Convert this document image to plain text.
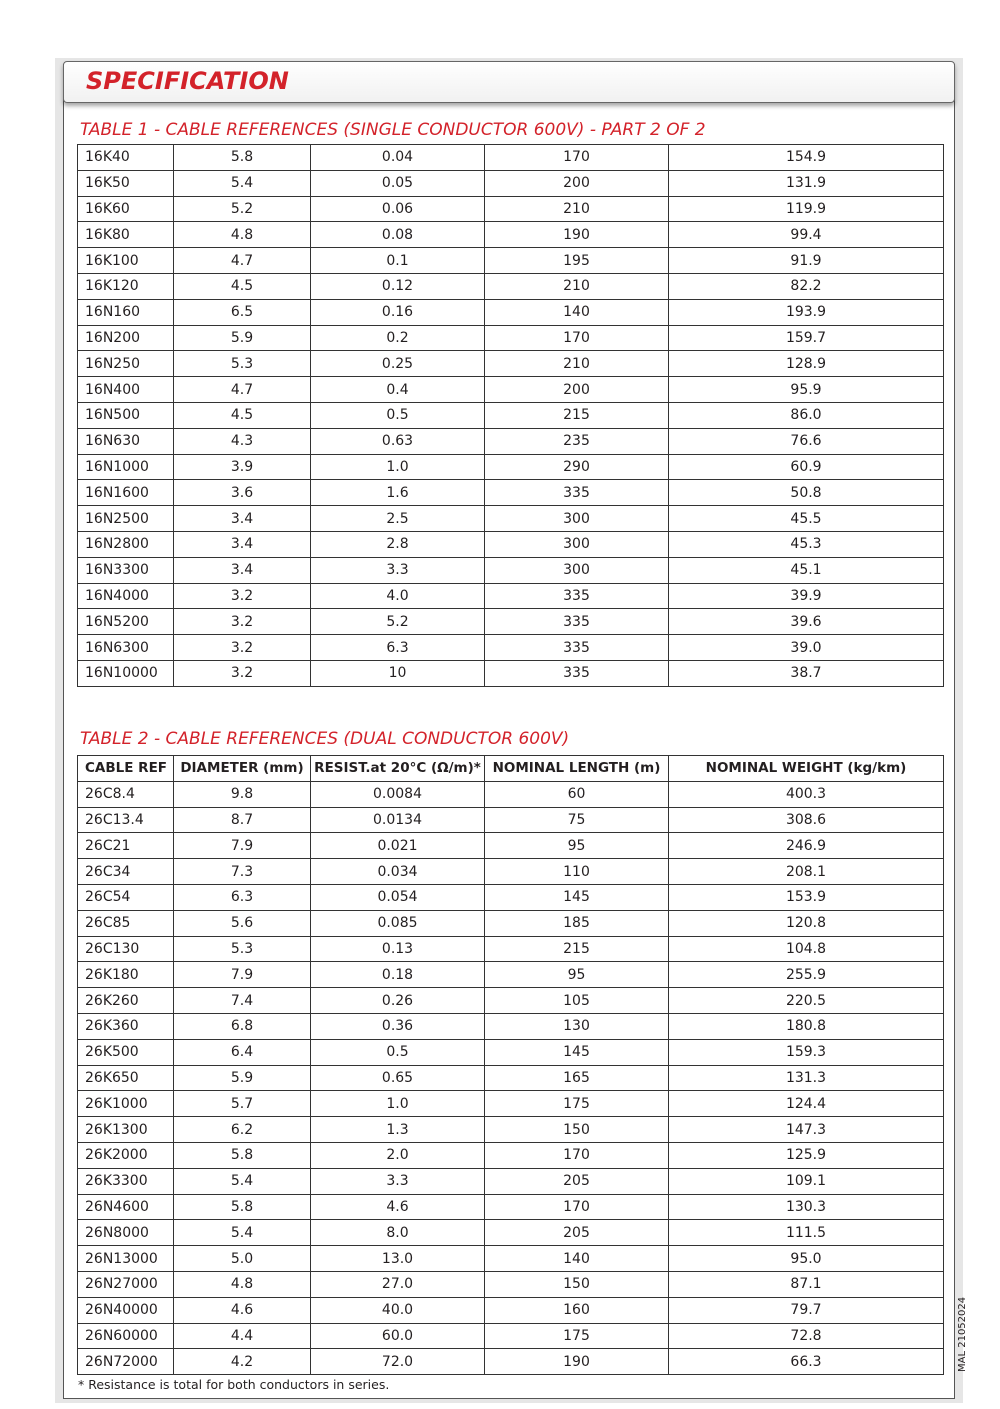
SPECIFICATION
TABLE 1 - CABLE REFERENCES (SINGLE CONDUCTOR 600V) - PART 2 OF 2
16K40	5.8	0.04	170	154.9
16K50	5.4	0.05	200	131.9
16K60	5.2	0.06	210	119.9
16K80	4.8	0.08	190	99.4
16K100	4.7	0.1	195	91.9
16K120	4.5	0.12	210	82.2
16N160	6.5	0.16	140	193.9
16N200	5.9	0.2	170	159.7
16N250	5.3	0.25	210	128.9
16N400	4.7	0.4	200	95.9
16N500	4.5	0.5	215	86.0
16N630	4.3	0.63	235	76.6
16N1000	3.9	1.0	290	60.9
16N1600	3.6	1.6	335	50.8
16N2500	3.4	2.5	300	45.5
16N2800	3.4	2.8	300	45.3
16N3300	3.4	3.3	300	45.1
16N4000	3.2	4.0	335	39.9
16N5200	3.2	5.2	335	39.6
16N6300	3.2	6.3	335	39.0
16N10000	3.2	10	335	38.7
TABLE 2 - CABLE REFERENCES (DUAL CONDUCTOR 600V)
CABLE REF	DIAMETER (mm)	RESIST.at 20°C (Ω/m)*	NOMINAL LENGTH (m)	NOMINAL WEIGHT (kg/km)
26C8.4	9.8	0.0084	60	400.3
26C13.4	8.7	0.0134	75	308.6
26C21	7.9	0.021	95	246.9
26C34	7.3	0.034	110	208.1
26C54	6.3	0.054	145	153.9
26C85	5.6	0.085	185	120.8
26C130	5.3	0.13	215	104.8
26K180	7.9	0.18	95	255.9
26K260	7.4	0.26	105	220.5
26K360	6.8	0.36	130	180.8
26K500	6.4	0.5	145	159.3
26K650	5.9	0.65	165	131.3
26K1000	5.7	1.0	175	124.4
26K1300	6.2	1.3	150	147.3
26K2000	5.8	2.0	170	125.9
26K3300	5.4	3.3	205	109.1
26N4600	5.8	4.6	170	130.3
26N8000	5.4	8.0	205	111.5
26N13000	5.0	13.0	140	95.0
26N27000	4.8	27.0	150	87.1
26N40000	4.6	40.0	160	79.7
26N60000	4.4	60.0	175	72.8
26N72000	4.2	72.0	190	66.3
* Resistance is total for both conductors in series.
MAL 21052024
